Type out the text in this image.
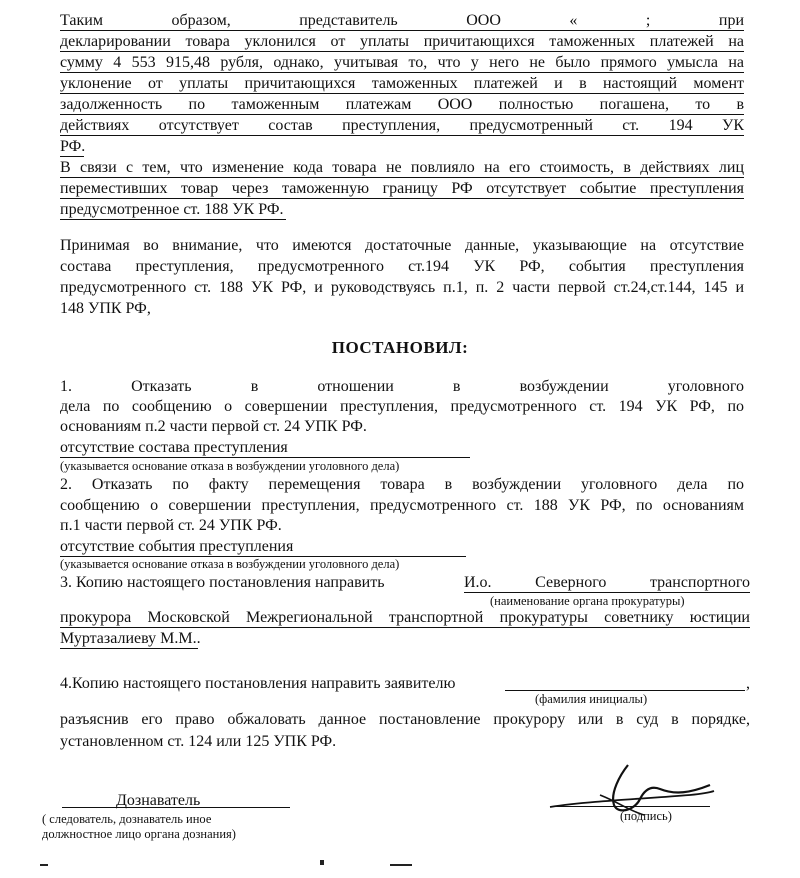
Таким образом, представитель ООО « ; при
декларировании товара уклонился от уплаты причитающихся таможенных платежей на
сумму 4 553 915,48 рубля, однако, учитывая то, что у него не было прямого умысла на
уклонение от уплаты причитающихся таможенных платежей и в настоящий момент
задолженность по таможенным платежам ООО полностью погашена, то в
действиях отсутствует состав преступления, предусмотренный ст. 194 УК
РФ.
В связи с тем, что изменение кода товара не повлияло на его стоимость, в действиях лиц
переместивших товар через таможенную границу РФ отсутствует событие преступления
предусмотренное ст. 188 УК РФ.
Принимая во внимание, что имеются достаточные данные, указывающие на отсутствие
состава преступления, предусмотренного ст.194 УК РФ, события преступления
предусмотренного ст. 188 УК РФ, и руководствуясь п.1, п. 2 части первой ст.24,ст.144, 145 и
148 УПК РФ,
ПОСТАНОВИЛ:
1. Отказать в отношении в возбуждении уголовного
дела по сообщению о совершении преступления, предусмотренного ст. 194 УК РФ, по
основаниям п.2 части первой ст. 24 УПК РФ.
отсутствие состава преступления
(указывается основание отказа в возбуждении уголовного дела)
2. Отказать по факту перемещения товара в возбуждении уголовного дела по
сообщению о совершении преступления, предусмотренного ст. 188 УК РФ, по основаниям
п.1 части первой ст. 24 УПК РФ.
отсутствие события преступления
(указывается основание отказа в возбуждении уголовного дела)
3. Копию настоящего постановления направить	И.о. Северного транспортного
(наименование органа прокуратуры)
прокурора Московской Межрегиональной транспортной прокуратуры советнику юстиции
Муртазалиеву М.М..
4.Копию настоящего постановления направить заявителю	,
(фамилия инициалы)
разъяснив его право обжаловать данное постановление прокурору или в суд в порядке,
установленном ст. 124 или 125 УПК РФ.
Дознаватель
( следователь, дознаватель иное
должностное лицо органа дознания)
(подпись)
